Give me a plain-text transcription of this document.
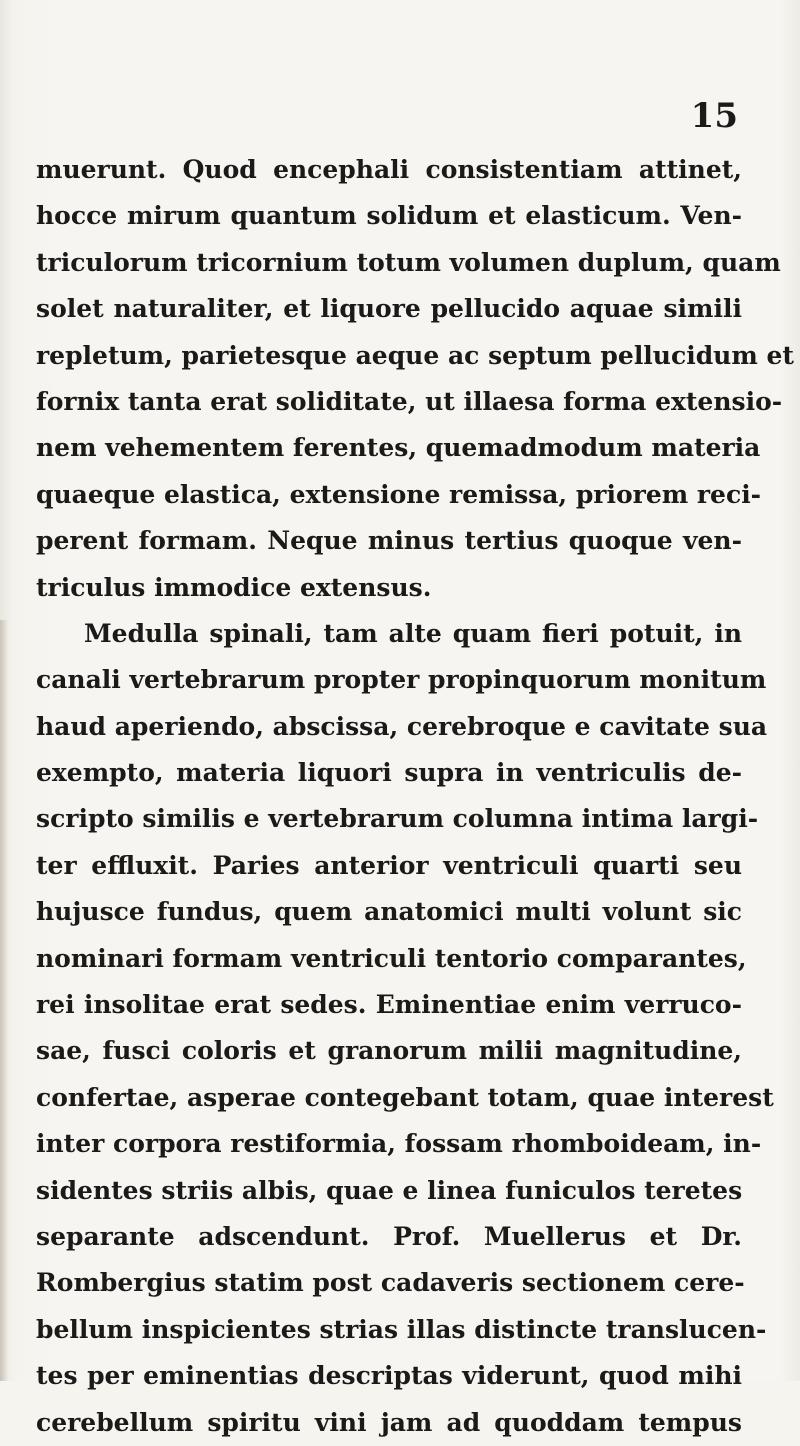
15
muerunt. Quod encephali consistentiam attinet,
hocce mirum quantum solidum et elasticum. Ven-
triculorum tricornium totum volumen duplum, quam
solet naturaliter, et liquore pellucido aquae simili
repletum, parietesque aeque ac septum pellucidum et
fornix tanta erat soliditate, ut illaesa forma extensio-
nem vehementem ferentes, quemadmodum materia
quaeque elastica, extensione remissa, priorem reci-
perent formam. Neque minus tertius quoque ven-
triculus immodice extensus.
Medulla spinali, tam alte quam fieri potuit, in
canali vertebrarum propter propinquorum monitum
haud aperiendo, abscissa, cerebroque e cavitate sua
exempto, materia liquori supra in ventriculis de-
scripto similis e vertebrarum columna intima largi-
ter effluxit. Paries anterior ventriculi quarti seu
hujusce fundus, quem anatomici multi volunt sic
nominari formam ventriculi tentorio comparantes,
rei insolitae erat sedes. Eminentiae enim verruco-
sae, fusci coloris et granorum milii magnitudine,
confertae, asperae contegebant totam, quae interest
inter corpora restiformia, fossam rhomboideam, in-
sidentes striis albis, quae e linea funiculos teretes
separante adscendunt. Prof. Muellerus et Dr.
Rombergius statim post cadaveris sectionem cere-
bellum inspicientes strias illas distincte translucen-
tes per eminentias descriptas viderunt, quod mihi
cerebellum spiritu vini jam ad quoddam tempus
